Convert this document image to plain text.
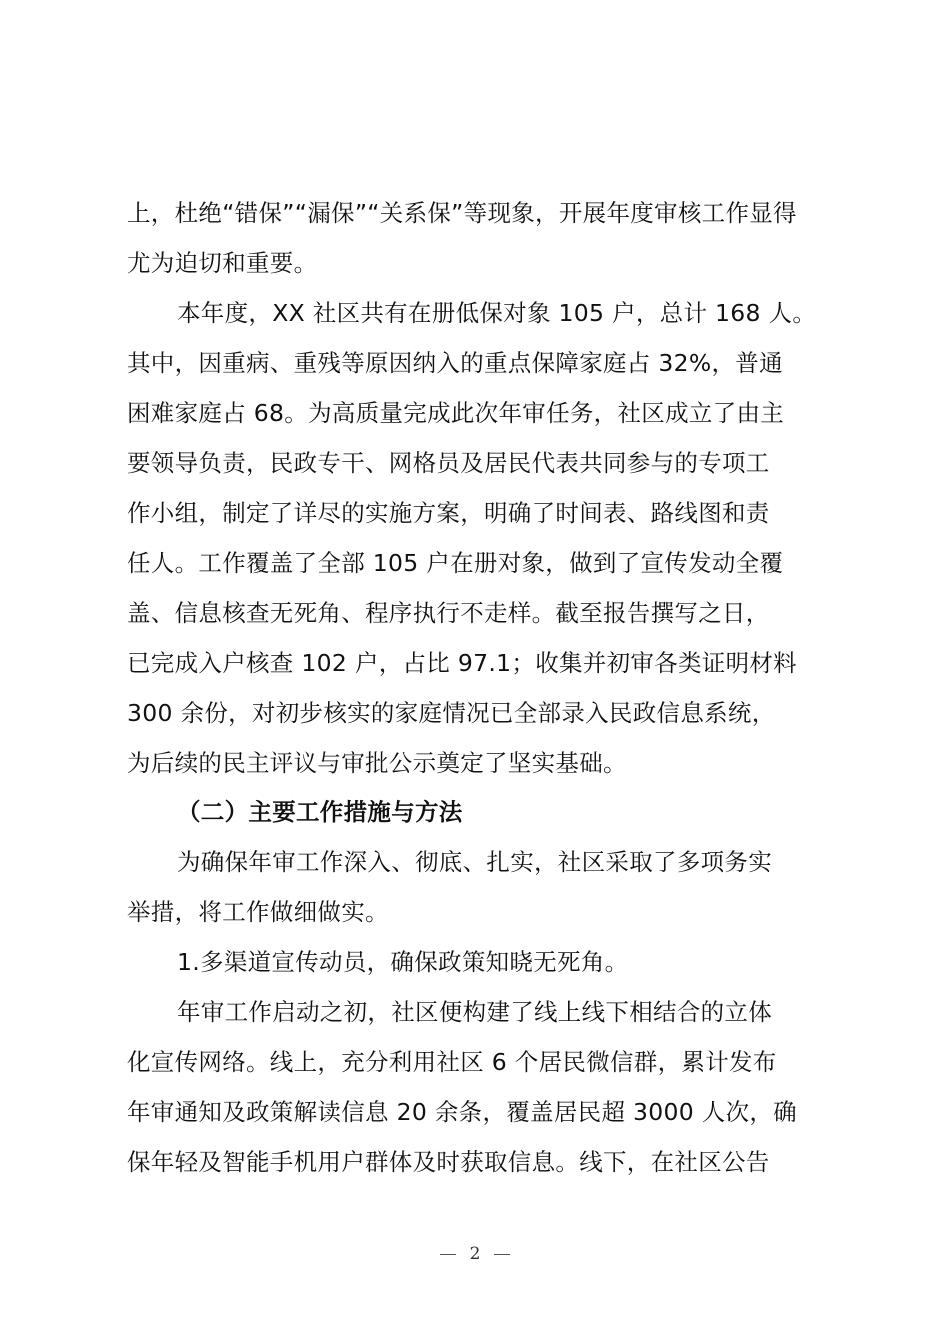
上，杜绝“错保”“漏保”“关系保”等现象，开展年度审核工作显得
尤为迫切和重要。
本年度，XX 社区共有在册低保对象 105 户，总计 168 人。
其中，因重病、重残等原因纳入的重点保障家庭占 32%，普通
困难家庭占 68。为高质量完成此次年审任务，社区成立了由主
要领导负责，民政专干、网格员及居民代表共同参与的专项工
作小组，制定了详尽的实施方案，明确了时间表、路线图和责
任人。工作覆盖了全部 105 户在册对象，做到了宣传发动全覆
盖、信息核查无死角、程序执行不走样。截至报告撰写之日，
已完成入户核查 102 户，占比 97.1；收集并初审各类证明材料
300 余份，对初步核实的家庭情况已全部录入民政信息系统，
为后续的民主评议与审批公示奠定了坚实基础。
（二）主要工作措施与方法
为确保年审工作深入、彻底、扎实，社区采取了多项务实
举措，将工作做细做实。
1.多渠道宣传动员，确保政策知晓无死角。
年审工作启动之初，社区便构建了线上线下相结合的立体
化宣传网络。线上，充分利用社区 6 个居民微信群，累计发布
年审通知及政策解读信息 20 余条，覆盖居民超 3000 人次，确
保年轻及智能手机用户群体及时获取信息。线下，在社区公告
2
